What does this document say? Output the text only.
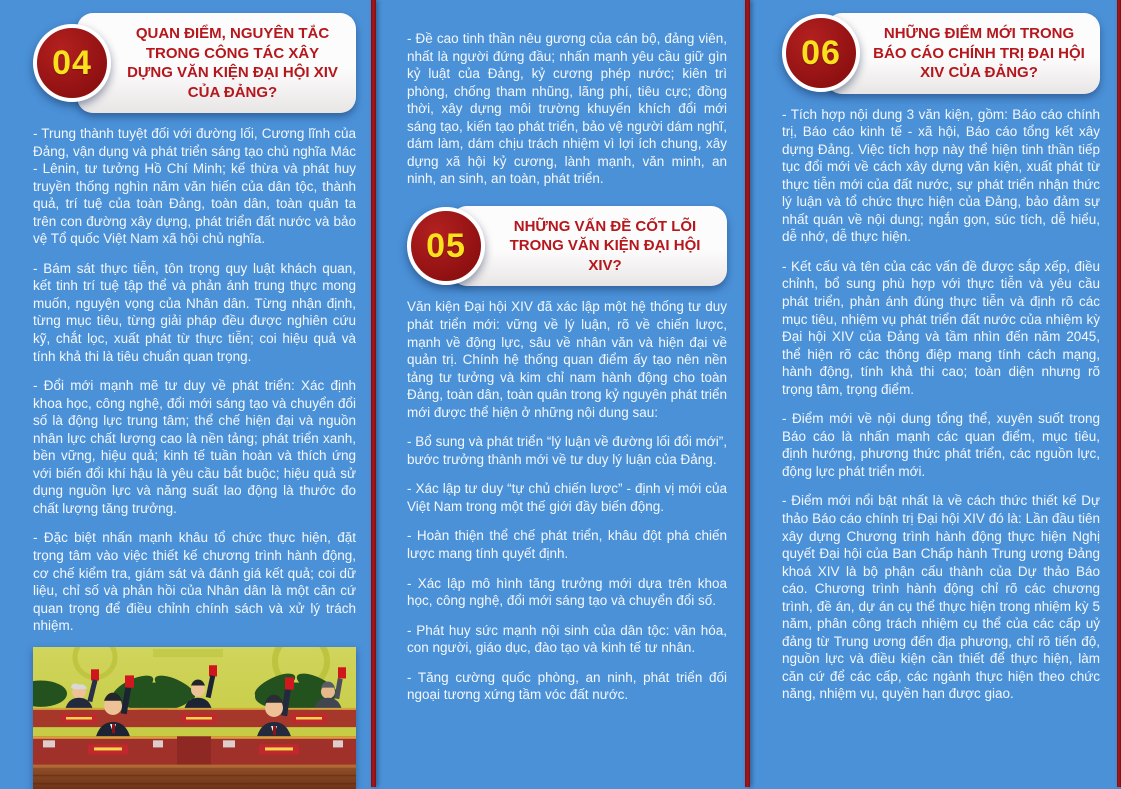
04
QUAN ĐIỂM, NGUYÊN TẮC TRONG CÔNG TÁC XÂY DỰNG VĂN KIỆN ĐẠI HỘI XIV CỦA ĐẢNG?

- Trung thành tuyệt đối với đường lối, Cương lĩnh của Đảng, vận dụng và phát triển sáng tạo chủ nghĩa Mác - Lênin, tư tưởng Hồ Chí Minh; kế thừa và phát huy truyền thống nghìn năm văn hiến của dân tộc, thành quả, trí tuệ của toàn Đảng, toàn dân, toàn quân ta trên con đường xây dựng, phát triển đất nước và bảo vệ Tổ quốc Việt Nam xã hội chủ nghĩa.

- Bám sát thực tiễn, tôn trọng quy luật khách quan, kết tinh trí tuệ tập thể và phản ánh trung thực mong muốn, nguyện vọng của Nhân dân. Từng nhận định, từng mục tiêu, từng giải pháp đều được nghiên cứu kỹ, chắt lọc, xuất phát từ thực tiễn; coi hiệu quả và tính khả thi là tiêu chuẩn quan trọng.

- Đổi mới mạnh mẽ tư duy về phát triển: Xác định khoa học, công nghệ, đổi mới sáng tạo và chuyển đổi số là động lực trung tâm; thể chế hiện đại và nguồn nhân lực chất lượng cao là nền tảng; phát triển xanh, bền vững, hiệu quả; kinh tế tuần hoàn và thích ứng với biến đổi khí hậu là yêu cầu bắt buộc; hiệu quả sử dụng nguồn lực và năng suất lao động là thước đo chất lượng tăng trưởng.

- Đặc biệt nhấn mạnh khâu tổ chức thực hiện, đặt trọng tâm vào việc thiết kế chương trình hành động, cơ chế kiểm tra, giám sát và đánh giá kết quả; coi dữ liệu, chỉ số và phản hồi của Nhân dân là một căn cứ quan trọng để điều chỉnh chính sách và xử lý trách nhiệm.

- Đề cao tinh thần nêu gương của cán bộ, đảng viên, nhất là người đứng đầu; nhấn mạnh yêu cầu giữ gìn kỷ luật của Đảng, kỷ cương phép nước; kiên trì phòng, chống tham nhũng, lãng phí, tiêu cực; đồng thời, xây dựng môi trường khuyến khích đổi mới sáng tạo, kiến tạo phát triển, bảo vệ người dám nghĩ, dám làm, dám chịu trách nhiệm vì lợi ích chung, xây dựng xã hội kỷ cương, lành mạnh, văn minh, an ninh, an sinh, an toàn, phát triển.

05
NHỮNG VẤN ĐỀ CỐT LÕI TRONG VĂN KIỆN ĐẠI HỘI XIV?

Văn kiện Đại hội XIV đã xác lập một hệ thống tư duy phát triển mới: vững về lý luận, rõ về chiến lược, mạnh về động lực, sâu về nhân văn và hiện đại về quản trị. Chính hệ thống quan điểm ấy tạo nên nền tảng tư tưởng và kim chỉ nam hành động cho toàn Đảng, toàn dân, toàn quân trong kỷ nguyên phát triển mới được thể hiện ở những nội dung sau:

- Bổ sung và phát triển “lý luận về đường lối đổi mới”, bước trưởng thành mới về tư duy lý luận của Đảng.

- Xác lập tư duy “tự chủ chiến lược” - định vị mới của Việt Nam trong một thế giới đầy biến động.

- Hoàn thiện thể chế phát triển, khâu đột phá chiến lược mang tính quyết định.

- Xác lập mô hình tăng trưởng mới dựa trên khoa học, công nghệ, đổi mới sáng tạo và chuyển đổi số.

- Phát huy sức mạnh nội sinh của dân tộc: văn hóa, con người, giáo dục, đào tạo và kinh tế tư nhân.

- Tăng cường quốc phòng, an ninh, phát triển đối ngoại tương xứng tầm vóc đất nước.

06
NHỮNG ĐIỂM MỚI TRONG BÁO CÁO CHÍNH TRỊ ĐẠI HỘI XIV CỦA ĐẢNG?

- Tích hợp nội dung 3 văn kiện, gồm: Báo cáo chính trị, Báo cáo kinh tế - xã hội, Báo cáo tổng kết xây dựng Đảng. Việc tích hợp này thể hiện tinh thần tiếp tục đổi mới về cách xây dựng văn kiện, xuất phát từ thực tiễn mới của đất nước, sự phát triển nhận thức lý luận và tổ chức thực hiện của Đảng, bảo đảm sự nhất quán về nội dung; ngắn gọn, súc tích, dễ hiểu, dễ nhớ, dễ thực hiện.

- Kết cấu và tên của các vấn đề được sắp xếp, điều chỉnh, bổ sung phù hợp với thực tiễn và yêu cầu phát triển, phản ánh đúng thực tiễn và định rõ các mục tiêu, nhiệm vụ phát triển đất nước của nhiệm kỳ Đại hội XIV của Đảng và tầm nhìn đến năm 2045, thể hiện rõ các thông điệp mang tính cách mạng, hành động, tính khả thi cao; toàn diện nhưng rõ trọng tâm, trọng điểm.

- Điểm mới về nội dung tổng thể, xuyên suốt trong Báo cáo là nhấn mạnh các quan điểm, mục tiêu, định hướng, phương thức phát triển, các nguồn lực, động lực phát triển mới.

- Điểm mới nổi bật nhất là về cách thức thiết kế Dự thảo Báo cáo chính trị Đại hội XIV đó là: Lần đầu tiên xây dựng Chương trình hành động thực hiện Nghị quyết Đại hội của Ban Chấp hành Trung ương Đảng khoá XIV là bộ phận cấu thành của Dự thảo Báo cáo. Chương trình hành động chỉ rõ các chương trình, đề án, dự án cụ thể thực hiện trong nhiệm kỳ 5 năm, phân công trách nhiệm cụ thể của các cấp uỷ đảng từ Trung ương đến địa phương, chỉ rõ tiến độ, nguồn lực và điều kiện cần thiết để thực hiện, làm căn cứ để các cấp, các ngành thực hiện theo chức năng, nhiệm vụ, quyền hạn được giao.
